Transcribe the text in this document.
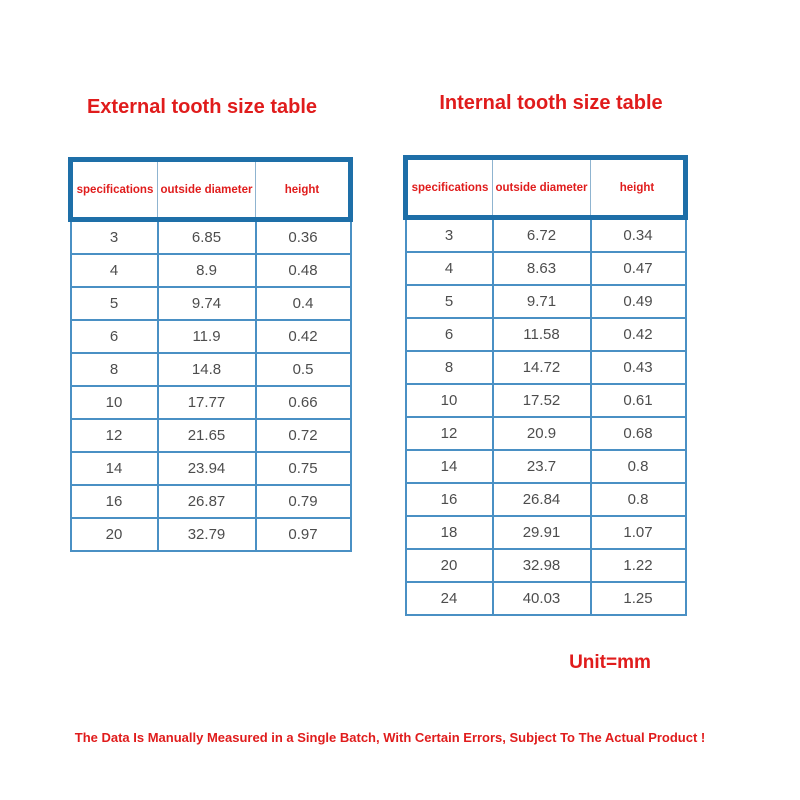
External tooth size table
specifications	outside diameter	height
3	6.85	0.36
4	8.9	0.48
5	9.74	0.4
6	11.9	0.42
8	14.8	0.5
10	17.77	0.66
12	21.65	0.72
14	23.94	0.75
16	26.87	0.79
20	32.79	0.97
Internal tooth size table
specifications	outside diameter	height
3	6.72	0.34
4	8.63	0.47
5	9.71	0.49
6	11.58	0.42
8	14.72	0.43
10	17.52	0.61
12	20.9	0.68
14	23.7	0.8
16	26.84	0.8
18	29.91	1.07
20	32.98	1.22
24	40.03	1.25
Unit=mm
The Data Is Manually Measured in a Single Batch, With Certain Errors, Subject To The Actual Product !
